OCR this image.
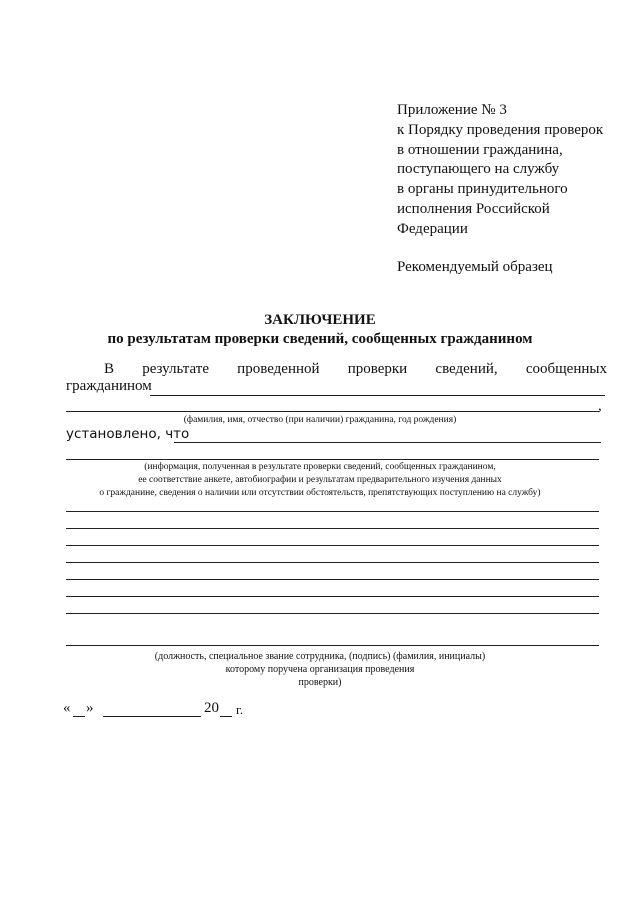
Приложение № 3
к Порядку проведения проверок
в отношении гражданина,
поступающего на службу
в органы принудительного
исполнения Российской
Федерации
Рекомендуемый образец
ЗАКЛЮЧЕНИЕ
по результатам проверки сведений, сообщенных гражданином
В результате проведенной проверки сведений, сообщенных
гражданином
,
(фамилия, имя, отчество (при наличии) гражданина, год рождения)
установлено, что
(информация, полученная в результате проверки сведений, сообщенных гражданином,
ее соответствие анкете, автобиографии и результатам предварительного изучения данных
о гражданине, сведения о наличии или отсутствии обстоятельств, препятствующих поступлению на службу)
(должность, специальное звание сотрудника, (подпись) (фамилия, инициалы)
которому поручена организация проведения
проверки)
« »	20 г.
